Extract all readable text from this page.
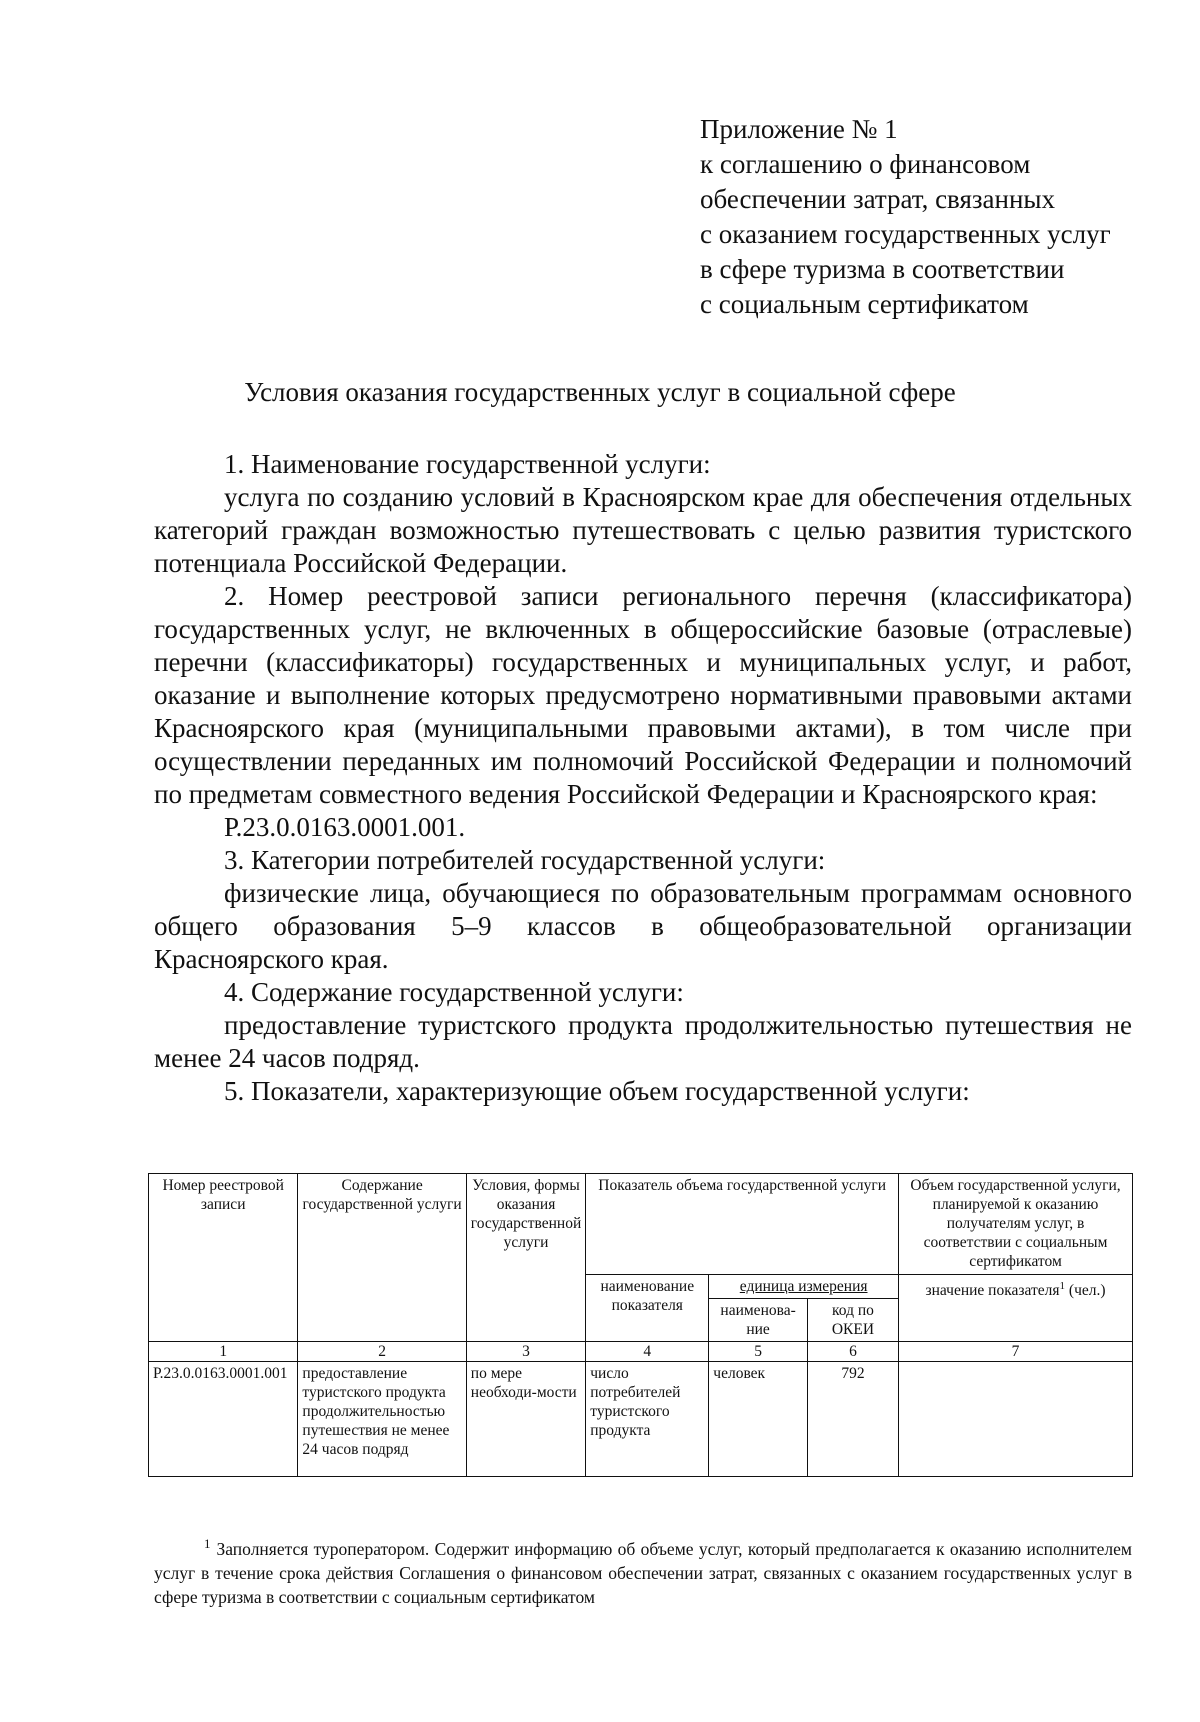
Приложение № 1
к соглашению о финансовом
обеспечении затрат, связанных
с оказанием государственных услуг
в сфере туризма в соответствии
с социальным сертификатом
Условия оказания государственных услуг в социальной сфере

1. Наименование государственной услуги:

услуга по созданию условий в Красноярском крае для обеспечения отдельных категорий граждан возможностью путешествовать с целью развития туристского потенциала Российской Федерации.

2. Номер реестровой записи регионального перечня (классификатора) государственных услуг, не включенных в общероссийские базовые (отраслевые) перечни (классификаторы) государственных и муниципальных услуг, и работ, оказание и выполнение которых предусмотрено нормативными правовыми актами Красноярского края (муниципальными правовыми актами), в том числе при осуществлении переданных им полномочий Российской Федерации и полномочий по предметам совместного ведения Российской Федерации и Красноярского края:

Р.23.0.0163.0001.001.

3. Категории потребителей государственной услуги:

физические лица, обучающиеся по образовательным программам основного общего образования 5–9 классов в общеобразовательной организации Красноярского края.

4. Содержание государственной услуги:

предоставление туристского продукта продолжительностью путешествия не менее 24 часов подряд.

5. Показатели, характеризующие объем государственной услуги:

Номер реестровой записи	Содержание государственной услуги	Условия, формы оказания государственной услуги	Показатель объема государственной услуги			Объем государственной услуги, планируемой к оказанию получателям услуг, в соответствии с социальным сертификатом
			наименование показателя	единица измерения		значение показателя$^1$ (чел.)
				наименова-ние	код по ОКЕИ	
1	2	3	4	5	6	7
Р.23.0.0163.0001.001	предоставление туристского продукта продолжительностью путешествия не менее 24 часов подряд	по мере необходи-мости	число потребителей туристского продукта	человек	792	
$^1$ Заполняется туроператором. Содержит информацию об объеме услуг, который предполагается к оказанию исполнителем услуг в течение срока действия Соглашения о финансовом обеспечении затрат, связанных с оказанием государственных услуг в сфере туризма в соответствии с социальным сертификатом
